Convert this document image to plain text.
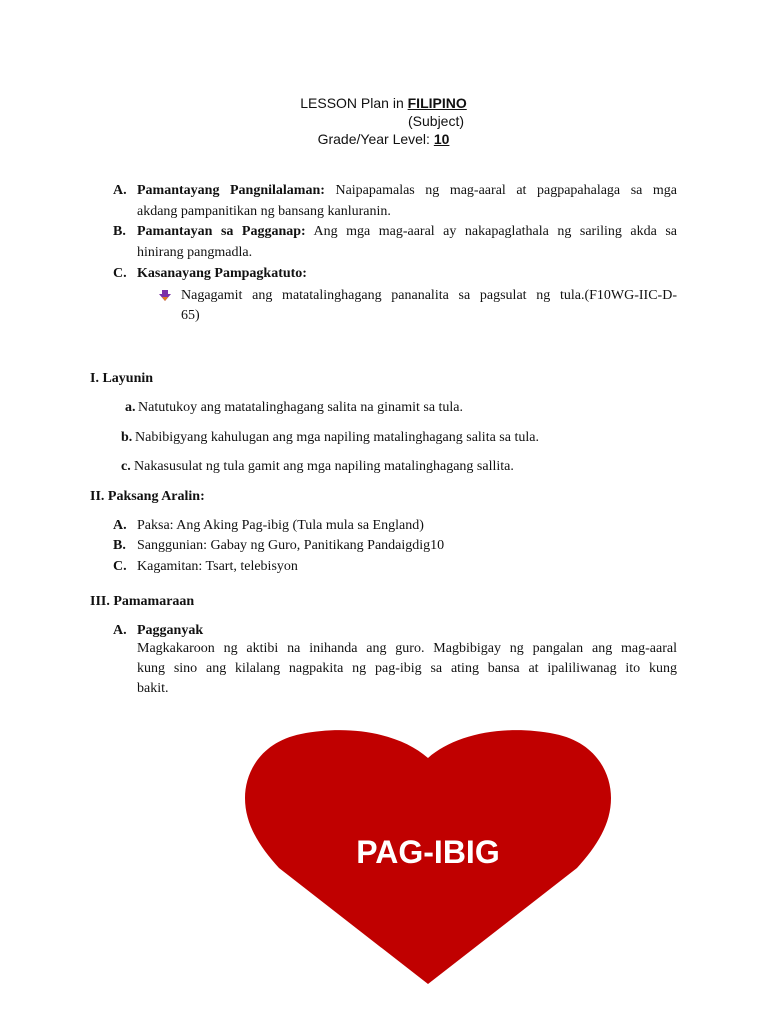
LESSON Plan in FILIPINO
(Subject)
Grade/Year Level: 10
A. Pamantayang Pangnilalaman: Naipapamalas ng mag-aaral at pagpapahalaga sa mga
akdang pampanitikan ng bansang kanluranin.
B. Pamantayan sa Pagganap: Ang mga mag-aaral ay nakapaglathala ng sariling akda sa
hinirang pangmadla.
C. Kasanayang Pampagkatuto:
Nagagamit ang matatalinghagang pananalita sa pagsulat ng tula.(F10WG-IIC-D-
65)
I. Layunin
a. Natutukoy ang matatalinghagang salita na ginamit sa tula.
b. Nabibigyang kahulugan ang mga napiling matalinghagang salita sa tula.
c. Nakasusulat ng tula gamit ang mga napiling matalinghagang sallita.
II. Paksang Aralin:
A. Paksa: Ang Aking Pag-ibig (Tula mula sa England)
B. Sanggunian: Gabay ng Guro, Panitikang Pandaigdig10
C. Kagamitan: Tsart, telebisyon
III. Pamamaraan
A. Pagganyak
Magkakaroon ng aktibi na inihanda ang guro. Magbibigay ng pangalan ang mag-aaral
kung sino ang kilalang nagpakita ng pag-ibig sa ating bansa at ipaliliwanag ito kung
bakit.
PAG-IBIG
